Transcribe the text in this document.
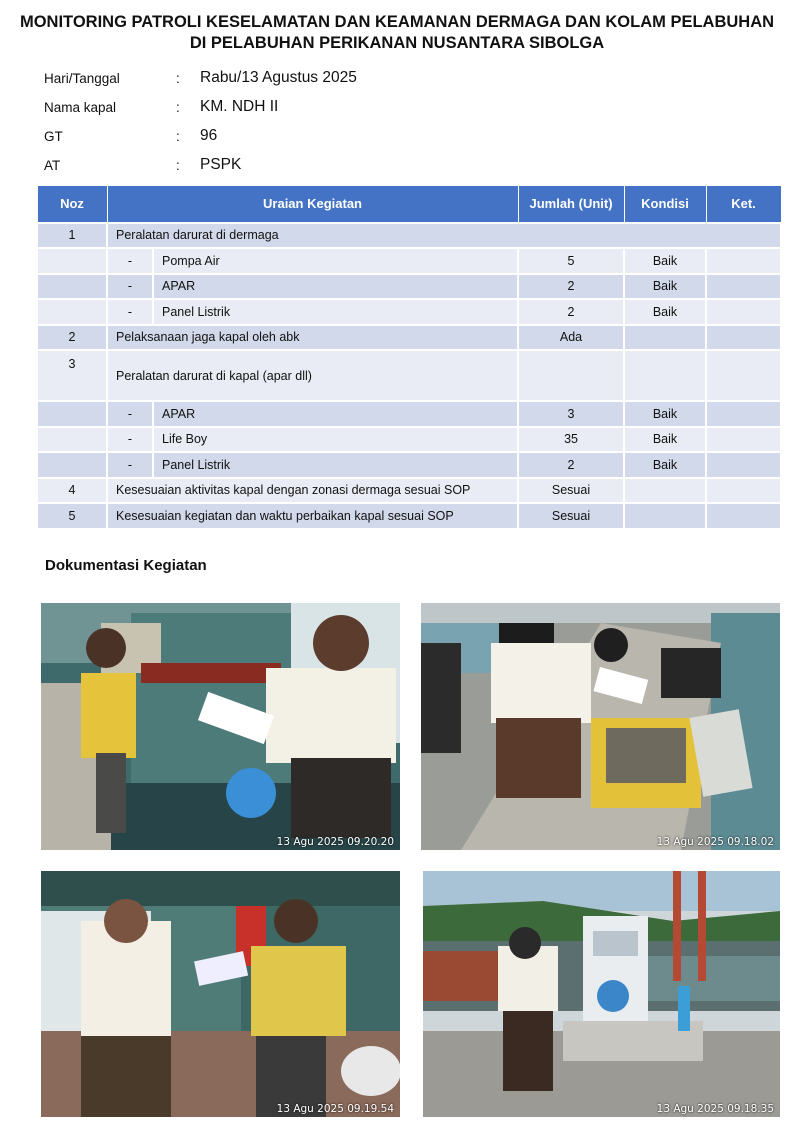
MONITORING PATROLI KESELAMATAN DAN KEAMANAN DERMAGA DAN KOLAM PELABUHAN
DI PELABUHAN PERIKANAN NUSANTARA SIBOLGA
Hari/Tanggal	: Rabu/13 Agustus 2025
Nama kapal	: KM. NDH II
GT	: 96
AT	: PSPK
Noz	Uraian Kegiatan		Jumlah (Unit)	Kondisi	Ket.
1	Peralatan darurat di dermaga				
	-	Pompa Air	5	Baik	
	-	APAR	2	Baik	
	-	Panel Listrik	2	Baik	
2	Pelaksanaan jaga kapal oleh abk		Ada		
3	Peralatan darurat di kapal (apar dll)				
	-	APAR	3	Baik	
	-	Life Boy	35	Baik	
	-	Panel Listrik	2	Baik	
4	Kesesuaian aktivitas kapal dengan zonasi dermaga sesuai SOP		Sesuai		
5	Kesesuaian kegiatan dan waktu perbaikan kapal sesuai SOP		Sesuai		
Dokumentasi Kegiatan
13 Agu 2025 09.20.20	13 Agu 2025 09.18.02
13 Agu 2025 09.19.54	13 Agu 2025 09.18.35
